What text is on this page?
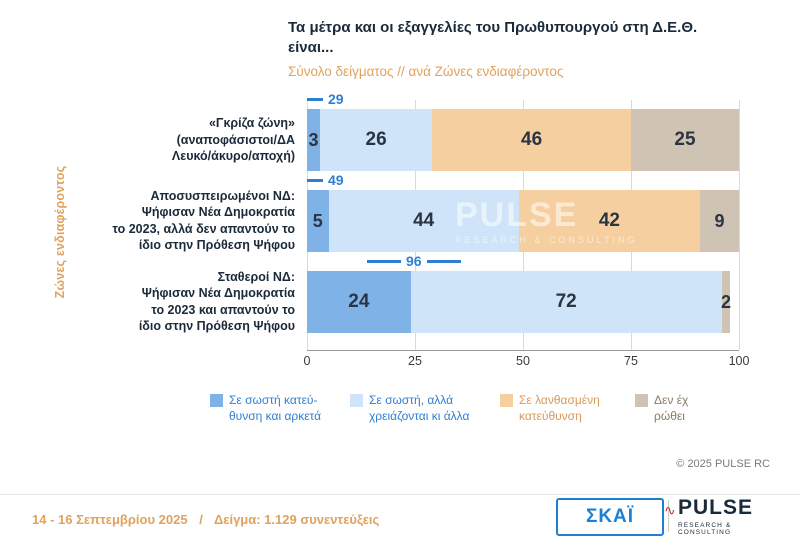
Τα μέτρα και οι εξαγγελίες του Πρωθυπουργού στη Δ.Ε.Θ. είναι...
Σύνολο δείγματος // ανά Ζώνες ενδιαφέροντος
Ζώνες ενδιαφέροντος
3	26	46	25
5	44	42	9
24	72	2
0	25	50	75	100
PULSE
RESEARCH & CONSULTING
Σε σωστή κατεύ-
θυνση και αρκετά
Σε σωστή, αλλά
χρειάζονται κι άλλα
Σε λανθασμένη
κατεύθυνση
Δεν έχ
ρώθει
© 2025 PULSE RC
14 - 16 Σεπτεμβρίου 2025 / Δείγμα: 1.129 συνεντεύξεις	ΣΚΑΪ	∿ PULSE
RESEARCH & CONSULTING
«Γκρίζα ζώνη»
(αναποφάσιστοι/ΔΑ
Λευκό/άκυρο/αποχή)
Αποσυσπειρωμένοι ΝΔ:
Ψήφισαν Νέα Δημοκρατία
το 2023, αλλά δεν απαντούν το
ίδιο στην Πρόθεση Ψήφου
Σταθεροί ΝΔ:
Ψήφισαν Νέα Δημοκρατία
το 2023 και απαντούν το
ίδιο στην Πρόθεση Ψήφου
29
49
96
